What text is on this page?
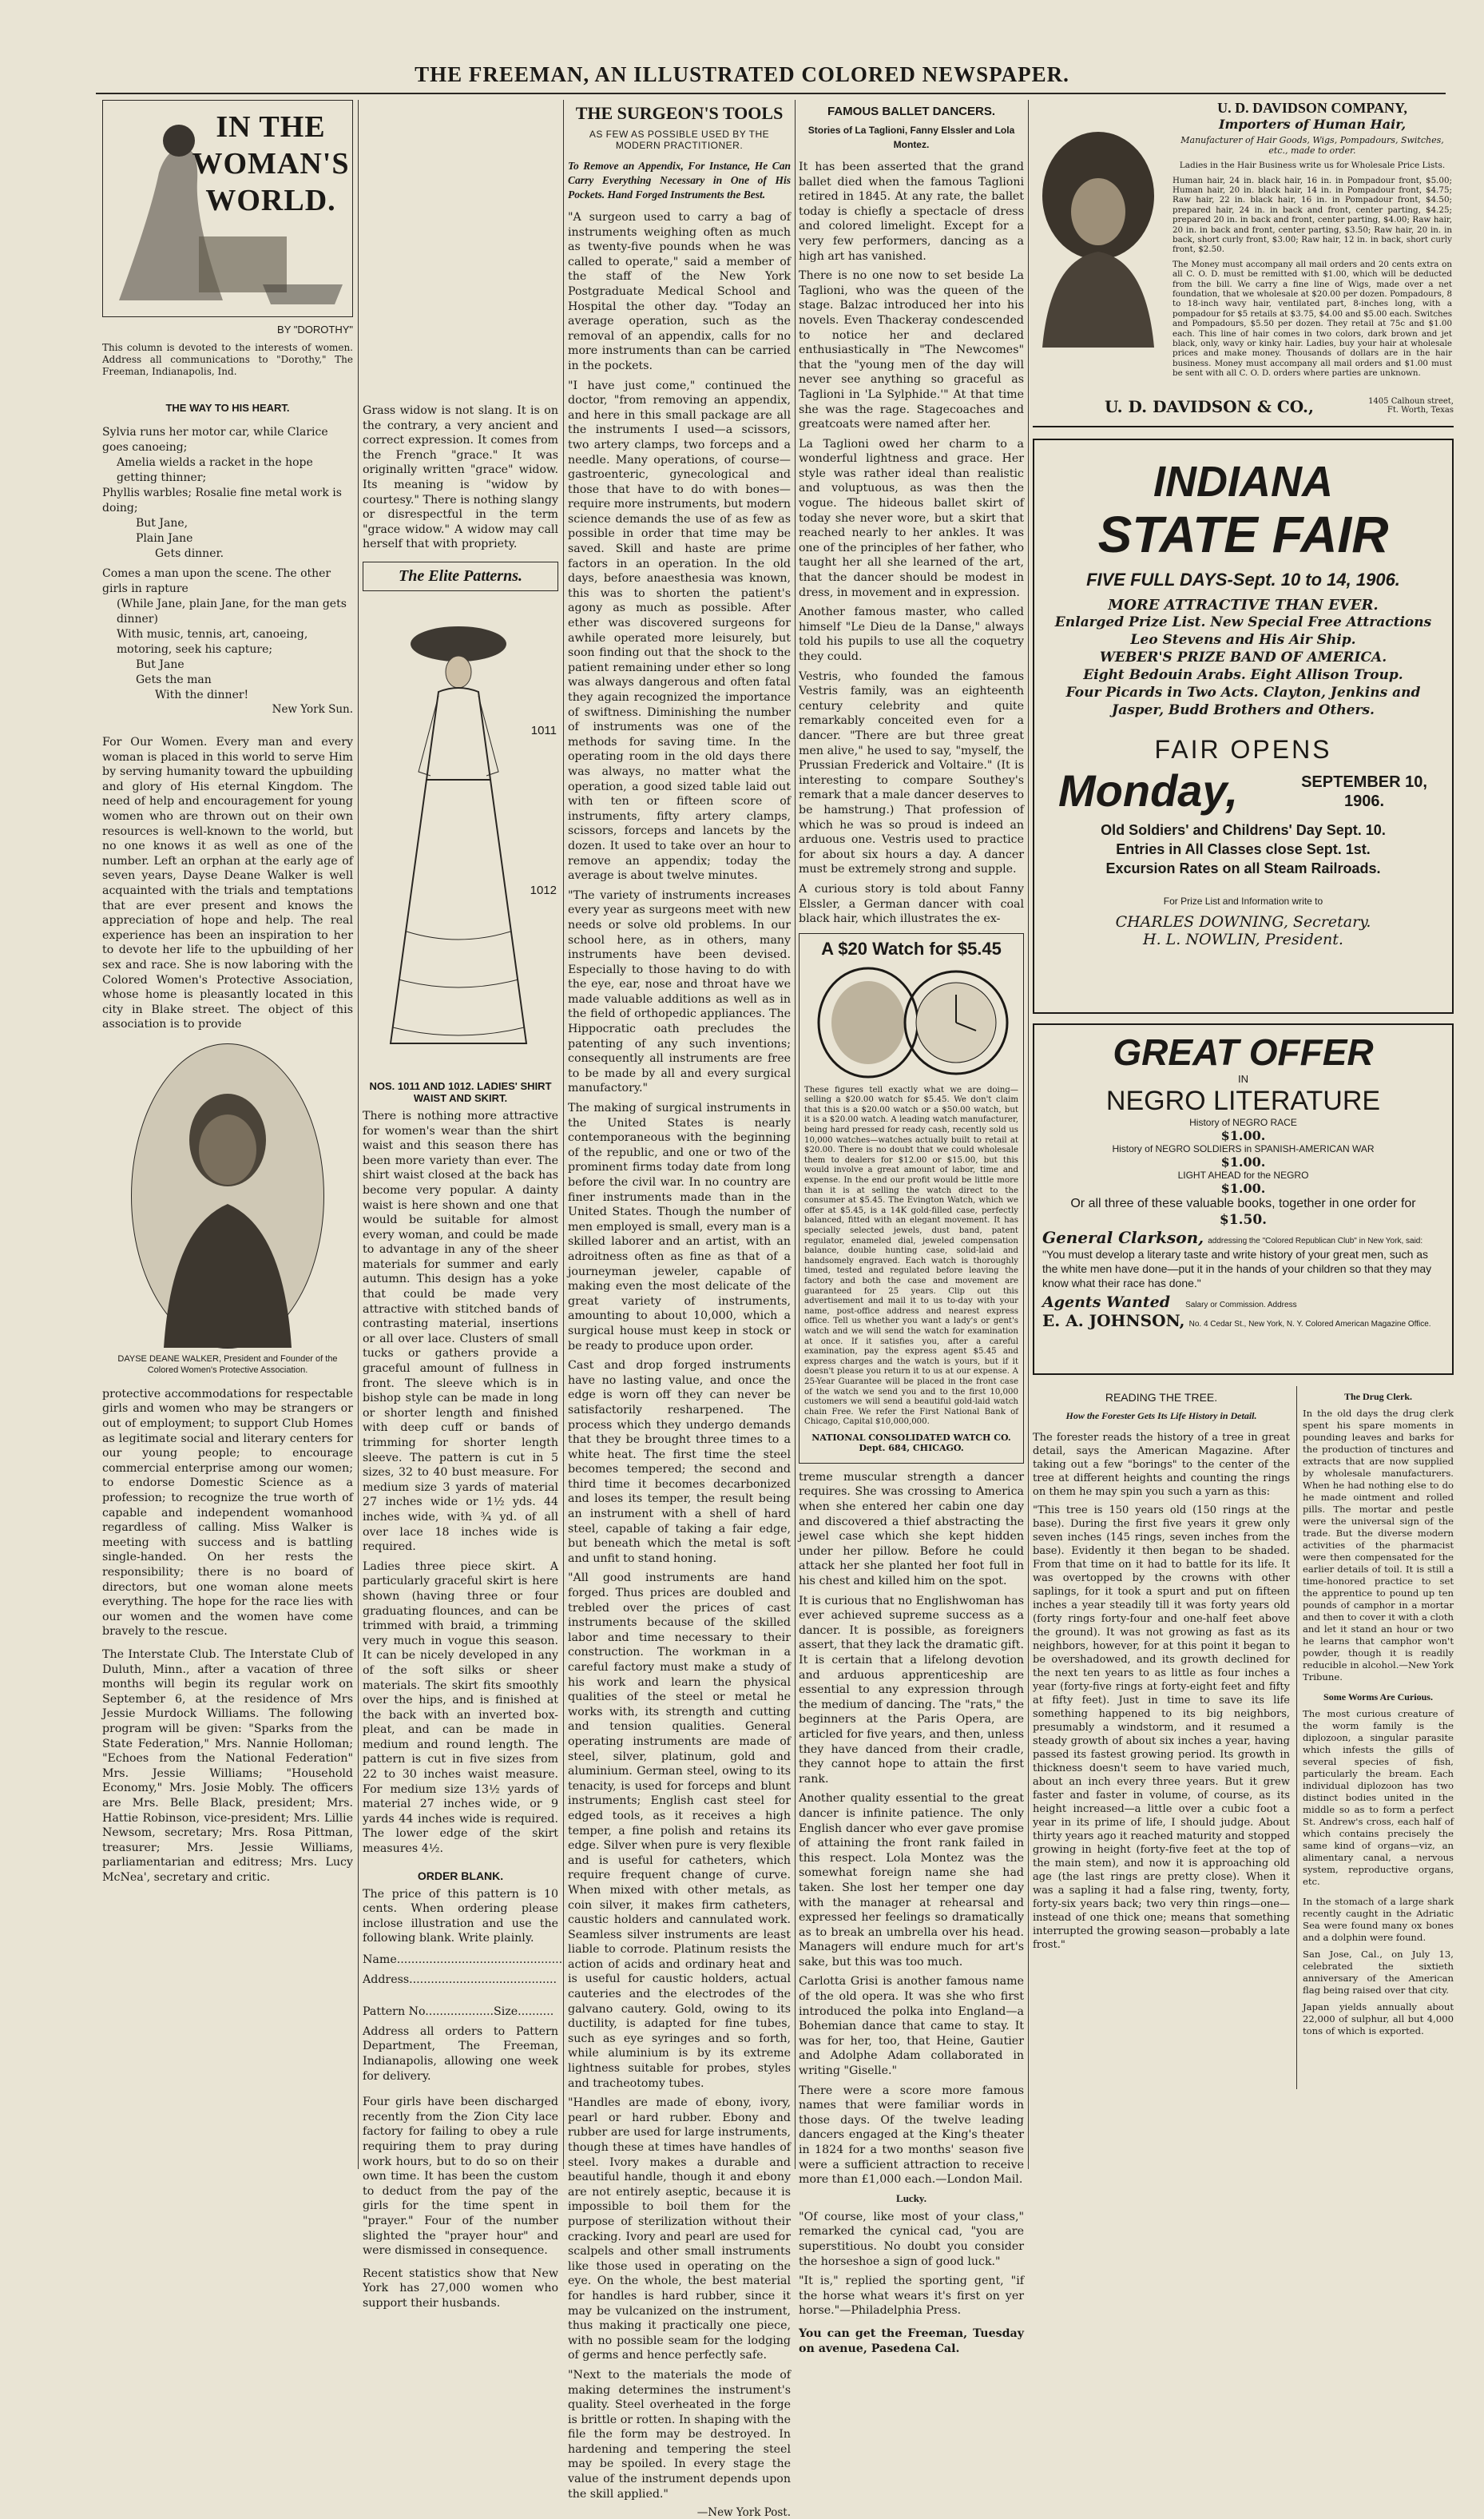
THE FREEMAN, AN ILLUSTRATED COLORED NEWSPAPER.
IN THE WOMAN'S WORLD.
BY "DOROTHY"

This column is devoted to the interests of women. Address all communications to "Dorothy," The Freeman, Indianapolis, Ind.

THE WAY TO HIS HEART.
Sylvia runs her motor car, while Clarice goes canoeing;
Amelia wields a racket in the hope getting thinner;
Phyllis warbles; Rosalie fine metal work is doing;
But Jane,
Plain Jane
Gets dinner.
Comes a man upon the scene. The other girls in rapture
(While Jane, plain Jane, for the man gets dinner)
With music, tennis, art, canoeing, motoring, seek his capture;
But Jane
Gets the man
With the dinner!
New York Sun.

For Our Women. Every man and every woman is placed in this world to serve Him by serving humanity toward the upbuilding and glory of His eternal Kingdom. The need of help and encouragement for young women who are thrown out on their own resources is well-known to the world, but no one knows it as well as one of the number. Left an orphan at the early age of seven years, Dayse Deane Walker is well acquainted with the trials and temptations that are ever present and knows the appreciation of hope and help. The real experience has been an inspiration to her to devote her life to the upbuilding of her sex and race. She is now laboring with the Colored Women's Protective Association, whose home is pleasantly located in this city in Blake street. The object of this association is to provide

DAYSE DEANE WALKER, President and Founder of the Colored Women's Protective Association.

protective accommodations for respectable girls and women who may be strangers or out of employment; to support Club Homes as legitimate social and literary centers for our young people; to encourage commercial enterprise among our women; to endorse Domestic Science as a profession; to recognize the true worth of capable and independent womanhood regardless of calling. Miss Walker is meeting with success and is battling single-handed. On her rests the responsibility; there is no board of directors, but one woman alone meets everything. The hope for the race lies with our women and the women have come bravely to the rescue.

The Interstate Club. The Interstate Club of Duluth, Minn., after a vacation of three months will begin its regular work on September 6, at the residence of Mrs Jessie Murdock Williams. The following program will be given: "Sparks from the State Federation," Mrs. Nannie Holloman; "Echoes from the National Federation" Mrs. Jessie Williams; "Household Economy," Mrs. Josie Mobly. The officers are Mrs. Belle Black, president; Mrs. Hattie Robinson, vice-president; Mrs. Lillie Newsom, secretary; Mrs. Rosa Pittman, treasurer; Mrs. Jessie Williams, parliamentarian and editress; Mrs. Lucy McNea', secretary and critic.

Grass widow is not slang. It is on the contrary, a very ancient and correct expression. It comes from the French "grace." It was originally written "grace" widow. Its meaning is "widow by courtesy." There is nothing slangy or disrespectful in the term "grace widow." A widow may call herself that with propriety.

The Elite Patterns.
1011
1012
NOS. 1011 AND 1012. LADIES' SHIRT WAIST AND SKIRT.

There is nothing more attractive for women's wear than the shirt waist and this season there has been more variety than ever. The shirt waist closed at the back has become very popular. A dainty waist is here shown and one that would be suitable for almost every woman, and could be made to advantage in any of the sheer materials for summer and early autumn. This design has a yoke that could be made very attractive with stitched bands of contrasting material, insertions or all over lace. Clusters of small tucks or gathers provide a graceful amount of fullness in front. The sleeve which is in bishop style can be made in long or shorter length and finished with deep cuff or bands of trimming for shorter length sleeve. The pattern is cut in 5 sizes, 32 to 40 bust measure. For medium size 3 yards of material 27 inches wide or 1½ yds. 44 inches wide, with ¾ yd. of all over lace 18 inches wide is required.

Ladies three piece skirt. A particularly graceful skirt is here shown (having three or four graduating flounces, and can be trimmed with braid, a trimming very much in vogue this season. It can be nicely developed in any of the soft silks or sheer materials. The skirt fits smoothly over the hips, and is finished at the back with an inverted box-pleat, and can be made in medium and round length. The pattern is cut in five sizes from 22 to 30 inches waist measure. For medium size 13½ yards of material 27 inches wide, or 9 yards 44 inches wide is required. The lower edge of the skirt measures 4½.

ORDER BLANK.

The price of this pattern is 10 cents. When ordering please inclose illustration and use the following blank. Write plainly.

Name..............................................

Address.........................................

Pattern No...................Size..........

Address all orders to Pattern Department, The Freeman, Indianapolis, allowing one week for delivery.

Four girls have been discharged recently from the Zion City lace factory for failing to obey a rule requiring them to pray during work hours, but to do so on their own time. It has been the custom to deduct from the pay of the girls for the time spent in "prayer." Four of the number slighted the "prayer hour" and were dismissed in consequence.

Recent statistics show that New York has 27,000 women who support their husbands.

THE SURGEON'S TOOLS
AS FEW AS POSSIBLE USED BY THE MODERN PRACTITIONER.
To Remove an Appendix, For Instance, He Can Carry Everything Necessary in One of His Pockets. Hand Forged Instruments the Best.

"A surgeon used to carry a bag of instruments weighing often as much as twenty-five pounds when he was called to operate," said a member of the staff of the New York Postgraduate Medical School and Hospital the other day. "Today an average operation, such as the removal of an appendix, calls for no more instruments than can be carried in the pockets.

"I have just come," continued the doctor, "from removing an appendix, and here in this small package are all the instruments I used—a scissors, two artery clamps, two forceps and a needle. Many operations, of course—gastroenteric, gynecological and those that have to do with bones—require more instruments, but modern science demands the use of as few as possible in order that time may be saved. Skill and haste are prime factors in an operation. In the old days, before anaesthesia was known, this was to shorten the patient's agony as much as possible. After ether was discovered surgeons for awhile operated more leisurely, but soon finding out that the shock to the patient remaining under ether so long was always dangerous and often fatal they again recognized the importance of swiftness. Diminishing the number of instruments was one of the methods for saving time. In the operating room in the old days there was always, no matter what the operation, a good sized table laid out with ten or fifteen score of instruments, fifty artery clamps, scissors, forceps and lancets by the dozen. It used to take over an hour to remove an appendix; today the average is about twelve minutes.

"The variety of instruments increases every year as surgeons meet with new needs or solve old problems. In our school here, as in others, many instruments have been devised. Especially to those having to do with the eye, ear, nose and throat have we made valuable additions as well as in the field of orthopedic appliances. The Hippocratic oath precludes the patenting of any such inventions; consequently all instruments are free to be made by all and every surgical manufactory."

The making of surgical instruments in the United States is nearly contemporaneous with the beginning of the republic, and one or two of the prominent firms today date from long before the civil war. In no country are finer instruments made than in the United States. Though the number of men employed is small, every man is a skilled laborer and an artist, with an adroitness often as fine as that of a journeyman jeweler, capable of making even the most delicate of the great variety of instruments, amounting to about 10,000, which a surgical house must keep in stock or be ready to produce upon order.

Cast and drop forged instruments have no lasting value, and once the edge is worn off they can never be satisfactorily resharpened. The process which they undergo demands that they be brought three times to a white heat. The first time the steel becomes tempered; the second and third time it becomes decarbonized and loses its temper, the result being an instrument with a shell of hard steel, capable of taking a fair edge, but beneath which the metal is soft and unfit to stand honing.

"All good instruments are hand forged. Thus prices are doubled and trebled over the prices of cast instruments because of the skilled labor and time necessary to their construction. The workman in a careful factory must make a study of his work and learn the physical qualities of the steel or metal he works with, its strength and cutting and tension qualities. General operating instruments are made of steel, silver, platinum, gold and aluminium. German steel, owing to its tenacity, is used for forceps and blunt instruments; English cast steel for edged tools, as it receives a high temper, a fine polish and retains its edge. Silver when pure is very flexible and is useful for catheters, which require frequent change of curve. When mixed with other metals, as coin silver, it makes firm catheters, caustic holders and cannulated work. Seamless silver instruments are least liable to corrode. Platinum resists the action of acids and ordinary heat and is useful for caustic holders, actual cauteries and the electrodes of the galvano cautery. Gold, owing to its ductility, is adapted for fine tubes, such as eye syringes and so forth, while aluminium is by its extreme lightness suitable for probes, styles and tracheotomy tubes.

"Handles are made of ebony, ivory, pearl or hard rubber. Ebony and rubber are used for large instruments, though these at times have handles of steel. Ivory makes a durable and beautiful handle, though it and ebony are not entirely aseptic, because it is impossible to boil them for the purpose of sterilization without their cracking. Ivory and pearl are used for scalpels and other small instruments like those used in operating on the eye. On the whole, the best material for handles is hard rubber, since it may be vulcanized on the instrument, thus making it practically one piece, with no possible seam for the lodging of germs and hence perfectly safe.

"Next to the materials the mode of making determines the instrument's quality. Steel overheated in the forge is brittle or rotten. In shaping with the file the form may be destroyed. In hardening and tempering the steel may be spoiled. In every stage the value of the instrument depends upon the skill applied."

—New York Post.
FAMOUS BALLET DANCERS.
Stories of La Taglioni, Fanny Elssler and Lola Montez.

It has been asserted that the grand ballet died when the famous Taglioni retired in 1845. At any rate, the ballet today is chiefly a spectacle of dress and colored limelight. Except for a very few performers, dancing as a high art has vanished.

There is no one now to set beside La Taglioni, who was the queen of the stage. Balzac introduced her into his novels. Even Thackeray condescended to notice her and declared enthusiastically in "The Newcomes" that the "young men of the day will never see anything so graceful as Taglioni in 'La Sylphide.'" At that time she was the rage. Stagecoaches and greatcoats were named after her.

La Taglioni owed her charm to a wonderful lightness and grace. Her style was rather ideal than realistic and voluptuous, as was then the vogue. The hideous ballet skirt of today she never wore, but a skirt that reached nearly to her ankles. It was one of the principles of her father, who taught her all she learned of the art, that the dancer should be modest in dress, in movement and in expression.

Another famous master, who called himself "Le Dieu de la Danse," always told his pupils to use all the coquetry they could.

Vestris, who founded the famous Vestris family, was an eighteenth century celebrity and quite remarkably conceited even for a dancer. "There are but three great men alive," he used to say, "myself, the Prussian Frederick and Voltaire." (It is interesting to compare Southey's remark that a male dancer deserves to be hamstrung.) That profession of which he was so proud is indeed an arduous one. Vestris used to practice for about six hours a day. A dancer must be extremely strong and supple.

A curious story is told about Fanny Elssler, a German dancer with coal black hair, which illustrates the ex-

A $20 Watch for $5.45

These figures tell exactly what we are doing—selling a $20.00 watch for $5.45. We don't claim that this is a $20.00 watch or a $50.00 watch, but it is a $20.00 watch. A leading watch manufacturer, being hard pressed for ready cash, recently sold us 10,000 watches—watches actually built to retail at $20.00. There is no doubt that we could wholesale them to dealers for $12.00 or $15.00, but this would involve a great amount of labor, time and expense. In the end our profit would be little more than it is at selling the watch direct to the consumer at $5.45. The Evington Watch, which we offer at $5.45, is a 14K gold-filled case, perfectly balanced, fitted with an elegant movement. It has specially selected jewels, dust band, patent regulator, enameled dial, jeweled compensation balance, double hunting case, solid-laid and handsomely engraved. Each watch is thoroughly timed, tested and regulated before leaving the factory and both the case and movement are guaranteed for 25 years. Clip out this advertisement and mail it to us to-day with your name, post-office address and nearest express office. Tell us whether you want a lady's or gent's watch and we will send the watch for examination at once. If it satisfies you, after a careful examination, pay the express agent $5.45 and express charges and the watch is yours, but if it doesn't please you return it to us at our expense. A 25-Year Guarantee will be placed in the front case of the watch we send you and to the first 10,000 customers we will send a beautiful gold-laid watch chain Free. We refer the First National Bank of Chicago, Capital $10,000,000.

NATIONAL CONSOLIDATED WATCH CO. Dept. 684, CHICAGO.

treme muscular strength a dancer requires. She was crossing to America when she entered her cabin one day and discovered a thief abstracting the jewel case which she kept hidden under her pillow. Before he could attack her she planted her foot full in his chest and killed him on the spot.

It is curious that no Englishwoman has ever achieved supreme success as a dancer. It is possible, as foreigners assert, that they lack the dramatic gift. It is certain that a lifelong devotion and arduous apprenticeship are essential to any expression through the medium of dancing. The "rats," the beginners at the Paris Opera, are articled for five years, and then, unless they have danced from their cradle, they cannot hope to attain the first rank.

Another quality essential to the great dancer is infinite patience. The only English dancer who ever gave promise of attaining the front rank failed in this respect. Lola Montez was the somewhat foreign name she had taken. She lost her temper one day with the manager at rehearsal and expressed her feelings so dramatically as to break an umbrella over his head. Managers will endure much for art's sake, but this was too much.

Carlotta Grisi is another famous name of the old opera. It was she who first introduced the polka into England—a Bohemian dance that came to stay. It was for her, too, that Heine, Gautier and Adolphe Adam collaborated in writing "Giselle."

There were a score more famous names that were familiar words in those days. Of the twelve leading dancers engaged at the King's theater in 1824 for a two months' season five were a sufficient attraction to receive more than £1,000 each.—London Mail.

Lucky.

"Of course, like most of your class," remarked the cynical cad, "you are superstitious. No doubt you consider the horseshoe a sign of good luck."

"It is," replied the sporting gent, "if the horse what wears it's first on yer horse."—Philadelphia Press.

You can get the Freeman, Tuesday on avenue, Pasedena Cal.

U. D. DAVIDSON COMPANY,
Importers of Human Hair,

Manufacturer of Hair Goods, Wigs, Pompadours, Switches, etc., made to order.

Ladies in the Hair Business write us for Wholesale Price Lists.

Human hair, 24 in. black hair, 16 in. in Pompadour front, $5.00; Human hair, 20 in. black hair, 14 in. in Pompadour front, $4.75; Raw hair, 22 in. black hair, 16 in. in Pompadour front, $4.50; prepared hair, 24 in. in back and front, center parting, $4.25; prepared 20 in. in back and front, center parting, $4.00; Raw hair, 20 in. in back and front, center parting, $3.50; Raw hair, 20 in. in back, short curly front, $3.00; Raw hair, 12 in. in back, short curly front, $2.50.

The Money must accompany all mail orders and 20 cents extra on all C. O. D. must be remitted with $1.00, which will be deducted from the bill. We carry a fine line of Wigs, made over a net foundation, that we wholesale at $20.00 per dozen. Pompadours, 8 to 18-inch wavy hair, ventilated part, 8-inches long, with a pompadour for $5 retails at $3.75, $4.00 and $5.00 each. Switches and Pompadours, $5.50 per dozen. They retail at 75c and $1.00 each. This line of hair comes in two colors, dark brown and jet black, only, wavy or kinky hair. Ladies, buy your hair at wholesale prices and make money. Thousands of dollars are in the hair business. Money must accompany all mail orders and $1.00 must be sent with all C. O. D. orders where parties are unknown.

U. D. DAVIDSON & CO.,	1405 Calhoun street, Ft. Worth, Texas
INDIANA
STATE FAIR
FIVE FULL DAYS-Sept. 10 to 14, 1906.
MORE ATTRACTIVE THAN EVER.
Enlarged Prize List. New Special Free Attractions
Leo Stevens and His Air Ship.
WEBER'S PRIZE BAND OF AMERICA.
Eight Bedouin Arabs. Eight Allison Troup.
Four Picards in Two Acts. Clayton, Jenkins and
Jasper, Budd Brothers and Others.
FAIR OPENS
Monday,	SEPTEMBER 10, 1906.
Old Soldiers' and Childrens' Day Sept. 10.
Entries in All Classes close Sept. 1st.
Excursion Rates on all Steam Railroads.
For Prize List and Information write to
CHARLES DOWNING, Secretary.
H. L. NOWLIN, President.
GREAT OFFER
IN
NEGRO LITERATURE
History of NEGRO RACE
$1.00.
History of NEGRO SOLDIERS in SPANISH-AMERICAN WAR
$1.00.
LIGHT AHEAD for the NEGRO
$1.00.
Or all three of these valuable books, together in one order for
$1.50.
General Clarkson, addressing the "Colored Republican Club" in New York, said:
"You must develop a literary taste and write history of your great men, such as the white men have done—put it in the hands of your children so that they may know what their race has done."
Agents Wanted Salary or Commission. Address
E. A. JOHNSON, No. 4 Cedar St., New York, N. Y. Colored American Magazine Office.
READING THE TREE.
How the Forester Gets Its Life History in Detail.

The forester reads the history of a tree in great detail, says the American Magazine. After taking out a few "borings" to the center of the tree at different heights and counting the rings on them he may spin you such a yarn as this:

"This tree is 150 years old (150 rings at the base). During the first five years it grew only seven inches (145 rings, seven inches from the base). Evidently it then began to be shaded. From that time on it had to battle for its life. It was overtopped by the crowns with other saplings, for it took a spurt and put on fifteen inches a year steadily till it was forty years old (forty rings forty-four and one-half feet above the ground). It was not growing as fast as its neighbors, however, for at this point it began to be overshadowed, and its growth declined for the next ten years to as little as four inches a year (forty-five rings at forty-eight feet and fifty at fifty feet). Just in time to save its life something happened to its big neighbors, presumably a windstorm, and it resumed a steady growth of about six inches a year, having passed its fastest growing period. Its growth in thickness doesn't seem to have varied much, about an inch every three years. But it grew faster and faster in volume, of course, as its height increased—a little over a cubic foot a year in its prime of life, I should judge. About thirty years ago it reached maturity and stopped growing in height (forty-five feet at the top of the main stem), and now it is approaching old age (the last rings are pretty close). When it was a sapling it had a false ring, twenty, forty, forty-six years back; two very thin rings—one—instead of one thick one; means that something interrupted the growing season—probably a late frost."

The Drug Clerk.

In the old days the drug clerk spent his spare moments in pounding leaves and barks for the production of tinctures and extracts that are now supplied by wholesale manufacturers. When he had nothing else to do he made ointment and rolled pills. The mortar and pestle were the universal sign of the trade. But the diverse modern activities of the pharmacist were then compensated for the earlier details of toil. It is still a time-honored practice to set the apprentice to pound up ten pounds of camphor in a mortar and then to cover it with a cloth and let it stand an hour or two he learns that camphor won't powder, though it is readily reducible in alcohol.—New York Tribune.

Some Worms Are Curious.

The most curious creature of the worm family is the diplozoon, a singular parasite which infests the gills of several species of fish, particularly the bream. Each individual diplozoon has two distinct bodies united in the middle so as to form a perfect St. Andrew's cross, each half of which contains precisely the same kind of organs—viz, an alimentary canal, a nervous system, reproductive organs, etc.

In the stomach of a large shark recently caught in the Adriatic Sea were found many ox bones and a dolphin were found.

San Jose, Cal., on July 13, celebrated the sixtieth anniversary of the American flag being raised over that city.

Japan yields annually about 22,000 of sulphur, all but 4,000 tons of which is exported.
